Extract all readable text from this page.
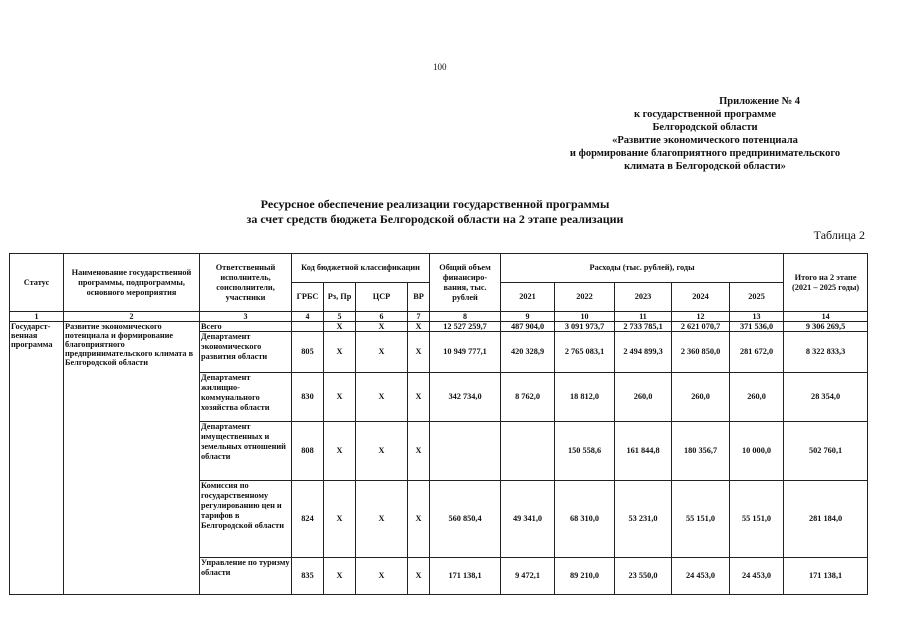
100
Приложение № 4
к государственной программе
Белгородской области
«Развитие экономического потенциала
и формирование благоприятного предпринимательского
климата в Белгородской области»
Ресурсное обеспечение реализации государственной программы
за счет средств бюджета Белгородской области на 2 этапе реализации
Таблица 2
Статус	Наименование государственной программы, подпрограммы, основного мероприятия	Ответственный исполнитель, соисполнители, участники	Код бюджетной классификации				Общий объем финансиро-вания, тыс. рублей	Расходы (тыс. рублей), годы					Итого на 2 этапе (2021 – 2025 годы)
			ГРБС	Рз, Пр	ЦСР	ВР		2021	2022	2023	2024	2025	
1	2	3	4	5	6	7	8	9	10	11	12	13	14
Государст-венная программа	Развитие экономического потенциала и формирование благоприятного предпринимательского климата в Белгородской области	Всего		Х	Х	Х	12 527 259,7	487 904,0	3 091 973,7	2 733 785,1	2 621 070,7	371 536,0	9 306 269,5
		Департамент экономического развития области	805	Х	Х	Х	10 949 777,1	420 328,9	2 765 083,1	2 494 899,3	2 360 850,0	281 672,0	8 322 833,3
		Департамент жилищно-коммунального хозяйства области	830	Х	Х	Х	342 734,0	8 762,0	18 812,0	260,0	260,0	260,0	28 354,0
		Департамент имущественных и земельных отношений области	808	Х	Х	Х			150 558,6	161 844,8	180 356,7	10 000,0	502 760,1
		Комиссия по государственному регулированию цен и тарифов в Белгородской области	824	Х	Х	Х	560 850,4	49 341,0	68 310,0	53 231,0	55 151,0	55 151,0	281 184,0
		Управление по туризму области	835	Х	Х	Х	171 138,1	9 472,1	89 210,0	23 550,0	24 453,0	24 453,0	171 138,1
